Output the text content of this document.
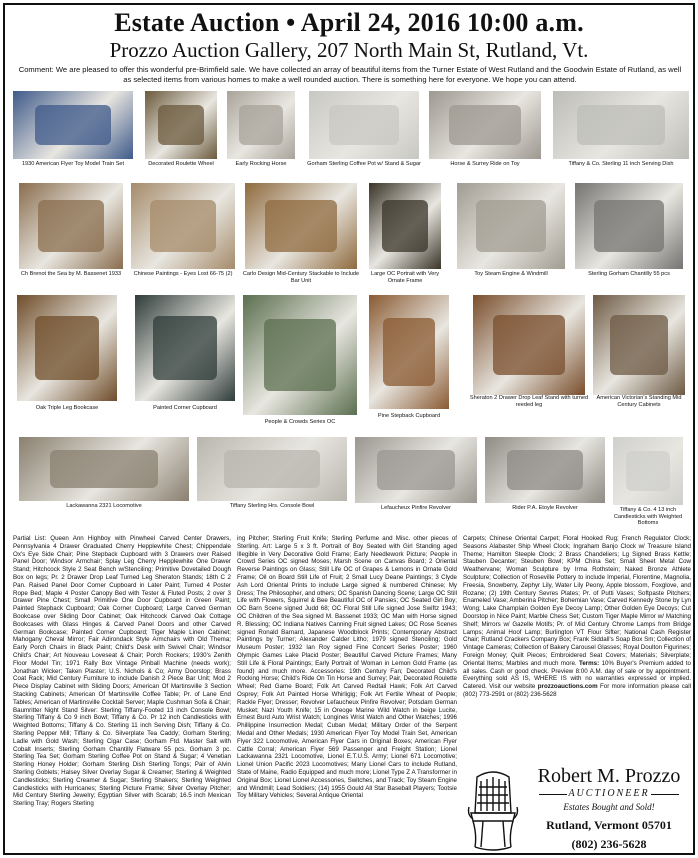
Estate Auction • April 24, 2016 10:00 a.m.
Prozzo Auction Gallery, 207 North Main St, Rutland, Vt.
Comment: We are pleased to offer this wonderful pre-Brimfield sale. We have collected an array of beautiful items from the Turner Estate of West Rutland and the Goodwin Estate of Rutland, as well as selected items from various homes to make a well rounded auction. There is something here for everyone. We hope you can attend.
1930 American Flyer Toy Model Train Set	Decorated Roulette Wheel	Early Rocking Horse	Gorham Sterling Coffee Pot w/ Stand & Sugar	Horse & Surrey Ride on Toy	Tiffany & Co. Sterling 11 inch Serving Dish
Ch Brenot the Sea by M. Bassenet 1933	Chinese Paintings - Eyes Lost 66-75 (2)	Carlo Design Mid-Century Stackable to Include Bar Unit
Large OC Portrait with Very Ornate Frame
Toy Steam Engine & Windmill	Sterling Gorham Chantilly 55 pcs
Oak Triple Leg Bookcase	Painted Corner Cupboard
People & Crowds Series OC
Pine Stepback Cupboard
Sheraton 2 Drawer Drop Leaf Stand with turned reeded leg
American Victorian's Standing Mid Century Cabinets
Lackawanna 2321 Locomotive	Tiffany Sterling Hrs. Console Bowl	Lefaucheux Pinfire Revolver	Rider P.A. Etoyle Revolver	Tiffany & Co. 4 13 inch Candlesticks with Weighted Bottoms
Partial List: Queen Ann Highboy with Pinwheel Carved Center Drawers, Pennsylvania 4 Drawer Graduated Cherry Hepplewhite Chest; Chippendale Ox's Eye Side Chair; Pine Stepback Cupboard with 3 Drawers over Raised Panel Door; Windsor Armchair; Splay Leg Cherry Hepplewhite One Drawer Stand; Hitchcock Style 2 Seat Bench w/Stenciling; Primitive Dovetailed Dough Box on legs; Pr. 2 Drawer Drop Leaf Turned Leg Sheraton Stands; 18th C 2 Pan. Raised Panel Door Corner Cupboard in Later Paint; Turned 4 Poster Rope Bed; Maple 4 Poster Canopy Bed with Tester & Fluted Posts; 2 over 3 Drawer Pine Chest; Small Primitive One Door Cupboard in Green Paint; Painted Stepback Cupboard; Oak Corner Cupboard; Large Carved German Bookcase over Sliding Door Cabinet; Oak Hitchcock Carved Oak Cottage Bookcases with Glass Hinges & Carved Panel Doors and other Carved German Bookcase; Painted Corner Cupboard; Tiger Maple Linen Cabinet; Mahogany Cheval Mirror; Fair Adirondack Style Armchairs with Old Thema; Early Porch Chairs in Black Paint; Child's Desk with Swivel Chair; Windsor Child's Chair; Art Nouveau Loveseat & Chair; Porch Rockers; 1930's Zenith Floor Model Tin; 1971 Rally Box Vintage Pinball Machine (needs work); Jonathan Wicker; Taken Plaster; U.S. Nichols & Co; Army Doorstop; Brass Coat Rack; Mid Century Furniture to include Danish 2 Piece Bar Unit; Mod 2 Piece Display Cabinet with Sliding Doors; American Of Martinsville 3 Section Stacking Cabinets; American Of Martinsville Coffee Table; Pr. of Lane End Tables; American of Martinsville Cocktail Server; Maple Cushman Sofa & Chair; Baumritter Night Stand Silver: Sterling Tiffany-Footed 13 inch Console Bowl; Sterling Tiffany & Co 9 inch Bowl; Tiffany & Co. Pr 12 inch Candlesticks with Weighted Bottoms; Tiffany & Co. Sterling 11 inch Serving Dish; Tiffany & Co. Sterling Pepper Mill; Tiffany & Co. Silverplate Tea Caddy; Gorham Sterling; Ladle with Gold Wash; Sterling Cigar Case; Gorham Ftd. Master Salt with Cobalt Inserts; Sterling Gorham Chantilly Flatware 55 pcs. Gorham 3 pc. Sterling Tea Set; Gorham Sterling Coffee Pot on Stand & Sugar; 4 Venetian Sterling Honey Holder; Gorham Sterling Dish Sterling Tongs; Pair of Alvin Sterling Goblets; Halsey Silver Overlay Sugar & Creamer; Sterling & Weighted Candlesticks; Sterling Creamer & Sugar; Sterling Shakers; Sterling Weighted Candlesticks with Hurricanes; Sterling Picture Frame; Silver Overlay Pitcher; Mid Century Sterling Jewelry; Egyptian Silver with Scarab; 16.5 inch Mexican Sterling Tray; Rogers Sterling
ing Pitcher; Sterling Fruit Knife; Sterling Perfume and Misc. other pieces of Sterling. Art: Large 5 x 3 ft. Portrait of Boy Seated with Girl Standing aged Illegible in Very Decorative Gold Frame; Early Needlework Picture; People in Crowd Series OC signed Moses; Marsh Scene on Canvas Board; 2 Oriental Reverse Paintings on Glass; Still Life OC of Grapes & Lemons in Ornate Gold Frame; Oil on Board Still Life of Fruit; 2 Small Lucy Deane Paintings; 3 Clyde Ash Lord Oriental Prints to include Large signed & numbered Chinese; My Dress; The Philosopher, and others; OC Spanish Dancing Scene; Large OC Still Life with Flowers, Squirrel & Bee Beautiful OC of Pansies; OC Seated Girl Boy; OC Barn Scene signed Judd 68; OC Floral Still Life signed Jose Swiftz 1943; OC Children of the Sea signed M. Bassenet 1933; OC Man with Horse signed R. Blessing; OC Indiana Natives Canning Fruit signed Lakes; OC Rose Scenes signed Ronald Barnard, Japanese Woodblock Prints; Contemporary Abstract Paintings by Turner; Alexander Calder Litho; 1979 signed Stenciling; Gold Museum Poster; 1932 Ian Roy signed Fine Concert Series Poster; 1960 Olympic Games Lake Placid Poster; Beautiful Carved Picture Frames; Many Still Life & Floral Paintings; Early Portrait of Woman in Lemon Gold Frame (as found) and much more. Accessories: 19th Century Fan; Decorated Child's Rocking Horse; Child's Ride On Tin Horse and Surrey; Pair, Decorated Roulette Wheel; Red Game Board; Folk Art Carved Redtail Hawk; Folk Art Carved Osprey; Folk Art Painted Horse Whirligig; Folk Art Fertile Wheat of People; Rackle Flyer; Dresser; Revolver Lefaucheux Pinfire Revolver; Potsdam German Musket; Nazi Youth Knife; 15 in Oreoge Marine Wild Watch in beige Lucite, Ernest Burd Auto Wrist Watch; Longines Wrist Watch and Other Watches; 1996 Phillippine Insurrection Medal; Cuban Medal; Military Order of the Serpent Medal and Other Medals; 1930 American Flyer Toy Model Train Set, American Flyer 322 Locomotive, American Flyer Cars in Original Boxes; American Flyer Cattle Corral; American Flyer 569 Passenger and Freight Station; Lionel Lackawanna 2321 Locomotive, Lionel E.T.U.S. Army; Lionel 671 Locomotive; Lionel Union Pacific 2023 Locomotives; Many Lionel Cars to include Rutland, State of Maine, Radio Equipped and much more; Lionel Type Z A Transformer in Original Box; Lionel Lionel Accessories, Switches, and Track; Toy Steam Engine and Windmill; Lead Soldiers; (14) 1955 Gould All Star Baseball Players; Tootsie Toy Military Vehicles; Several Antique Oriental
Carpets; Chinese Oriental Carpet; Floral Hooked Rug; French Regulator Clock; Seasons Alabaster Ship Wheel Clock; Ingraham Banjo Clock w/ Treasure Island Theme; Hamilton Steeple Clock; 2 Brass Chandeliers; Lg Signed Brass Kettle; Stauben Decanter; Steuben Bowl; KPM China Set; Small Sheet Metal Cow Weathervane; Woman Sculpture by Irma Rothstein; Naked Bronze Athlete Sculpture; Collection of Roseville Pottery to include Imperial, Florentine, Magnolia, Freesia, Snowberry, Zephyr Lily, Water Lily Peony, Apple blossom, Foxglove, and Rozane; (2) 19th Century Sevres Plates; Pr. of Putti Vases; Softpaste Pitchers; Enameled Vase; Amberina Pitcher; Bohemian Vase; Carved Kennedy Stone by Lyn Wong; Lake Champlain Golden Eye Decoy Lamp; Other Golden Eye Decoys; Cut Doorstop in Nice Paint; Marble Chess Set; Custom Tiger Maple Mirror w/ Matching Shelf; Mirrors w/ Gazelle Motifs; Pr. of Mid Century Chrome Lamps from Bridge Lamps; Animal Hoof Lamp; Burlington VT Flour Sifter; National Cash Register Chair; Rutland Crackers Company Box; Frank Siddall's Soap Box Sm; Collection of Vintage Cameras; Collection of Bakery Carousel Glasses; Royal Doulton Figurines; Foreign Money; Quilt Pieces; Embroidered Seat Covers; Materials; Silverplate; Oriental Items; Marbles and much more. Terms: 10% Buyer's Premium added to all sales. Cash or good check. Preview 8:00 A.M. day of sale or by appointment. Everything sold AS IS, WHERE IS with no warranties expressed or implied. Catered. Visit our website prozzoauctions.com For more information please call (802) 773-2591 or (802) 236-5628
Robert M. Prozzo
AUCTIONEER
Estates Bought and Sold!
Rutland, Vermont 05701
(802) 236-5628
